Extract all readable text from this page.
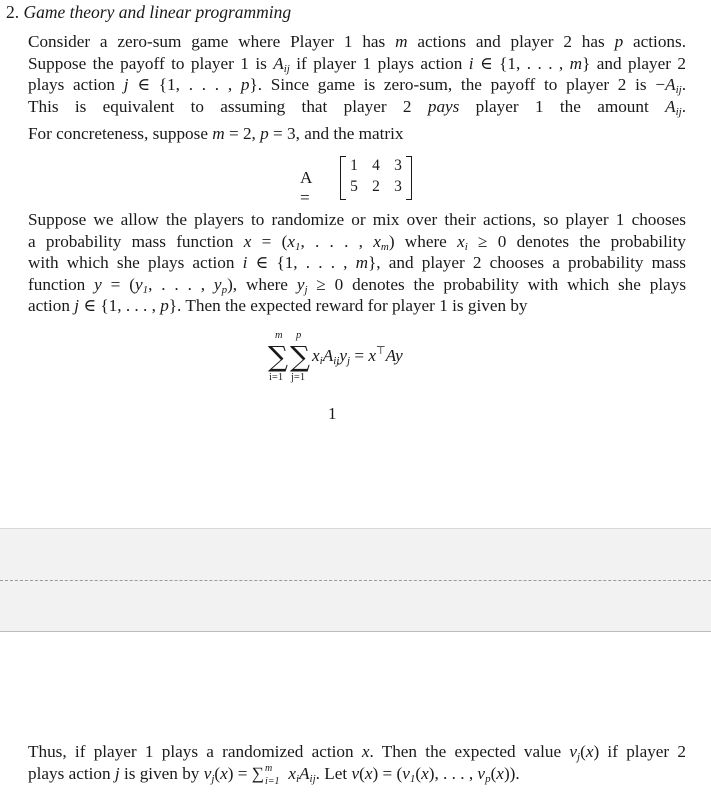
2. Game theory and linear programming
Consider a zero-sum game where Player 1 has m actions and player 2 has p actions.
Suppose the payoff to player 1 is $A_{ij}$ if player 1 plays action i ∈ {1, . . . , m} and player 2
plays action j ∈ {1, . . . , p}. Since game is zero-sum, the payoff to player 2 is $-A_{ij}$.
This is equivalent to assuming that player 2 pays player 1 the amount $A_{ij}$.
For concreteness, suppose m = 2, p = 3, and the matrix
A =
1 4 3
5 2 3
Suppose we allow the players to randomize or mix over their actions, so player 1 chooses
a probability mass function $x = (x_1$, . . . , $x_m$) where $x_i \ge 0$ denotes the probability
with which she plays action i ∈ {1, . . . , m}, and player 2 chooses a probability mass
function $y = (y_1$, . . . , $y_p$), where $y_j \ge 0$ denotes the probability with which she plays
action j ∈ {1, . . . , p}. Then the expected reward for player 1 is given by
m
∑
i=1
p
∑
j=1
$x_iA_{ij}y_j = x^⊤Ay$
1
Thus, if player 1 plays a randomized action x. Then the expected value $v_j(x)$ if player 2
plays action j is given by $v_j(x)$ = ∑ m
i=1 $x_iA_{ij}$. Let $v(x) = (v_1(x)$, . . . , $v_p(x)$).
